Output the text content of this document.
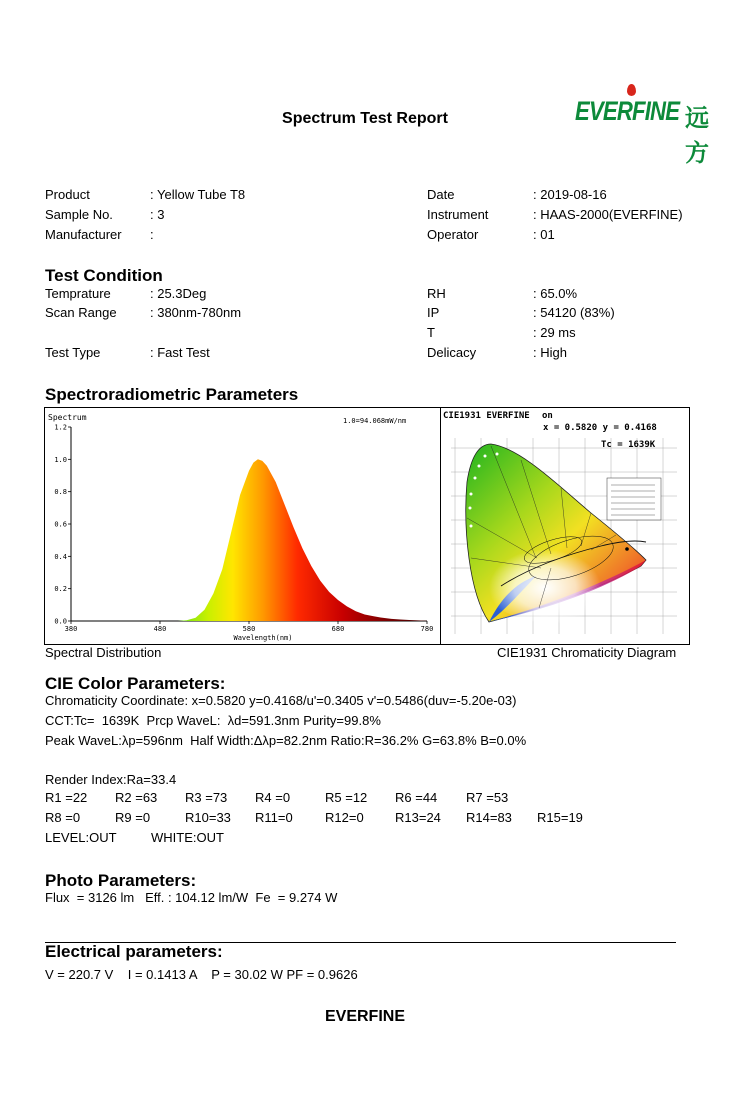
Spectrum Test Report	EVERFINE 远方
Product	: Yellow Tube T8
Sample No.	: 3
Manufacturer :
Date	: 2019-08-16
Instrument	: HAAS-2000(EVERFINE)
Operator	: 01
Test Condition
Temprature	: 25.3Deg
Scan Range	: 380nm-780nm
Test Type	: Fast Test
RH	: 65.0%
IP	: 54120 (83%)
T	: 29 ms
Delicacy	: High
Spectroradiometric Parameters
Spectrum	1.0=94.068mW/nm
0.0
0.2
0.4
0.6
0.8
1.0
1.2
380	480	580	680	780
Wavelength(nm)
CIE1931 EVERFINE on
x = 0.5820 y = 0.4168
Tc = 1639K
Spectral Distribution	CIE1931 Chromaticity Diagram
CIE Color Parameters:
Chromaticity Coordinate: x=0.5820 y=0.4168/u'=0.3405 v'=0.5486(duv=-5.20e-03)
CCT:Tc=  1639K  Prcp WaveL:  λd=591.3nm Purity=99.8%
Peak WaveL:λp=596nm  Half Width:Δλp=82.2nm Ratio:R=36.2% G=63.8% B=0.0%
Render Index:Ra=33.4
LEVEL:OUT	WHITE:OUT
Photo Parameters:
Flux  = 3126 lm   Eff. : 104.12 lm/W  Fe  = 9.274 W
Electrical parameters:
V = 220.7 V    I = 0.1413 A    P = 30.02 W PF = 0.9626
EVERFINE
R1 =22 R2 =63 R3 =73 R4 =0	R5 =12 R6 =44 R7 =53
R8 =0	R9 =0	R10=33 R11=0 R12=0 R13=24 R14=83 R15=19
